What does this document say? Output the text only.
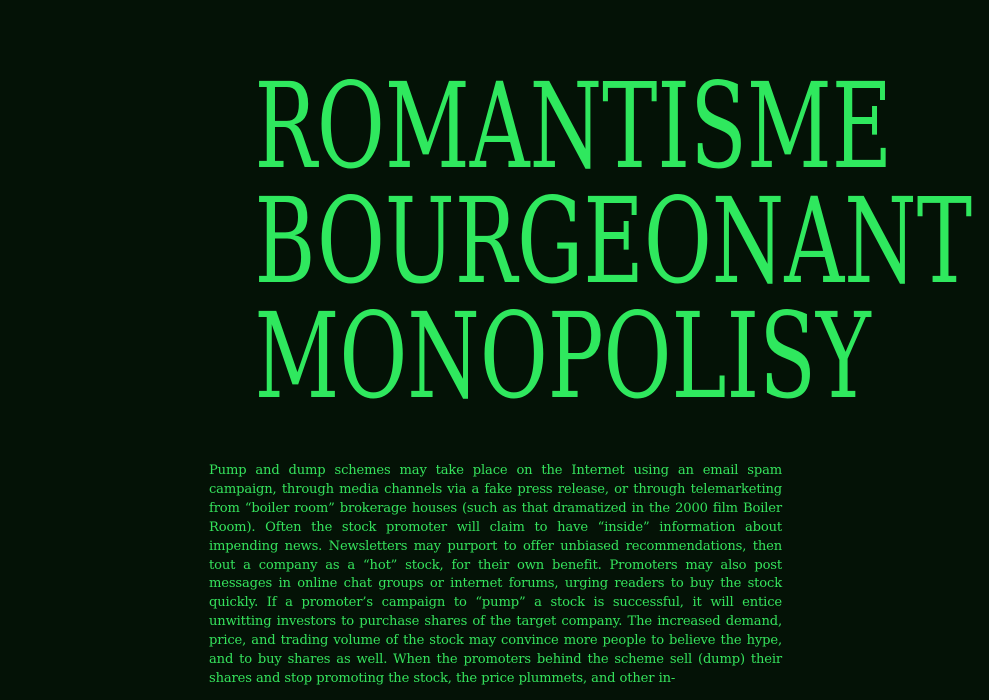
ROMANTISME
BOURGEONANT
MONOPOLISY

Pump and dump schemes may take place on the Internet using an email spam campaign, through media channels via a fake press release, or through telemarketing from “boiler room” brokerage houses (such as that dramatized in the 2000 film Boiler Room). Often the stock promoter will claim to have “inside” information about impending news. Newsletters may purport to offer unbiased recommendations, then tout a company as a “hot” stock, for their own benefit. Promoters may also post messages in online chat groups or internet forums, urging readers to buy the stock quickly. If a promoter’s campaign to “pump” a stock is successful, it will entice unwitting investors to purchase shares of the target company. The increased demand, price, and trading volume of the stock may convince more people to believe the hype, and to buy shares as well. When the promoters behind the scheme sell (dump) their shares and stop promoting the stock, the price plummets, and other in-
